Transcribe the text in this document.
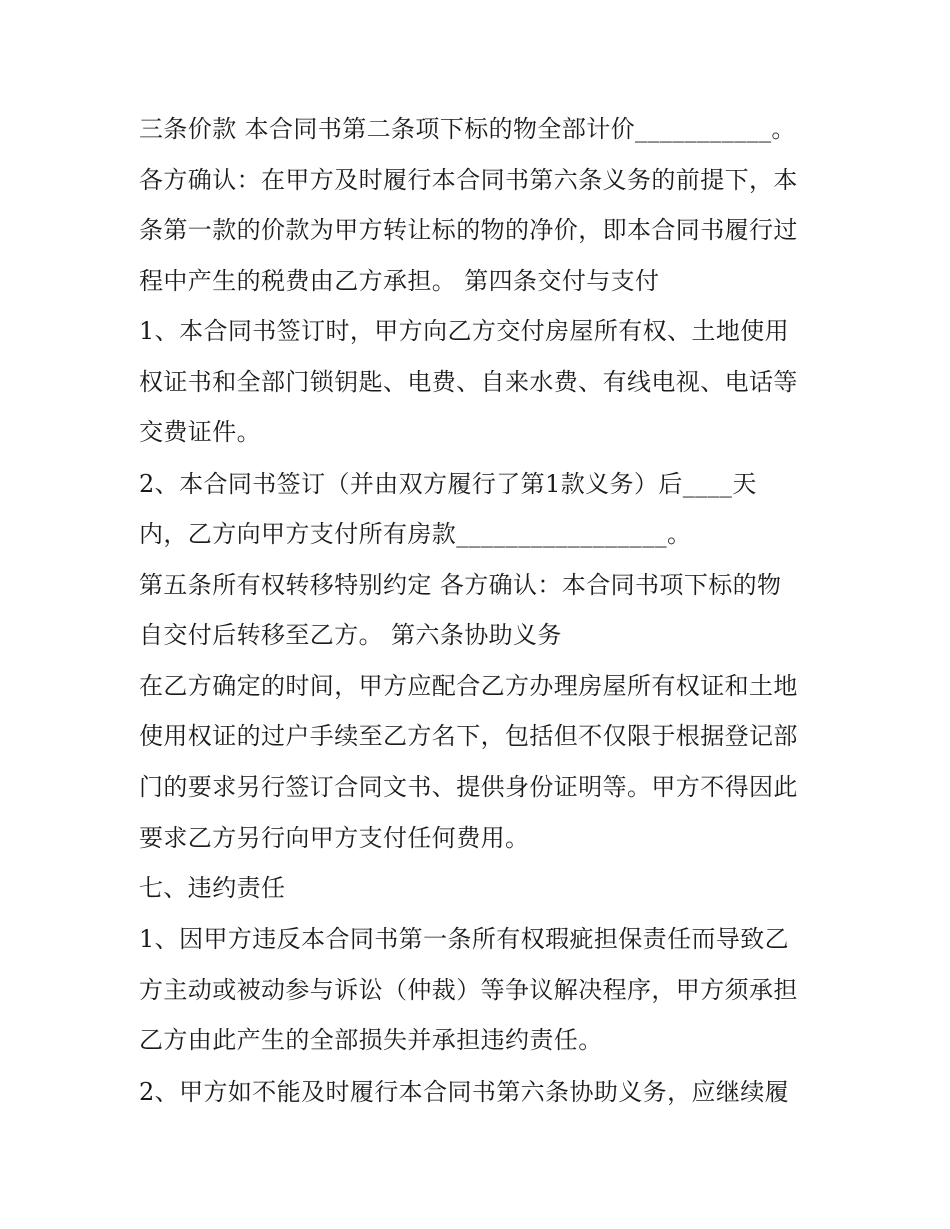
三条价款 本合同书第二条项下标的物全部计价___________。
各方确认：在甲方及时履行本合同书第六条义务的前提下，本
条第一款的价款为甲方转让标的物的净价，即本合同书履行过
程中产生的税费由乙方承担。 第四条交付与支付
1、本合同书签订时，甲方向乙方交付房屋所有权、土地使用
权证书和全部门锁钥匙、电费、自来水费、有线电视、电话等
交费证件。
2、本合同书签订（并由双方履行了第1款义务）后____天
内，乙方向甲方支付所有房款_________________。
第五条所有权转移特别约定 各方确认：本合同书项下标的物
自交付后转移至乙方。 第六条协助义务
在乙方确定的时间，甲方应配合乙方办理房屋所有权证和土地
使用权证的过户手续至乙方名下，包括但不仅限于根据登记部
门的要求另行签订合同文书、提供身份证明等。甲方不得因此
要求乙方另行向甲方支付任何费用。
七、违约责任
1、因甲方违反本合同书第一条所有权瑕疵担保责任而导致乙
方主动或被动参与诉讼（仲裁）等争议解决程序，甲方须承担
乙方由此产生的全部损失并承担违约责任。
2、甲方如不能及时履行本合同书第六条协助义务，应继续履
